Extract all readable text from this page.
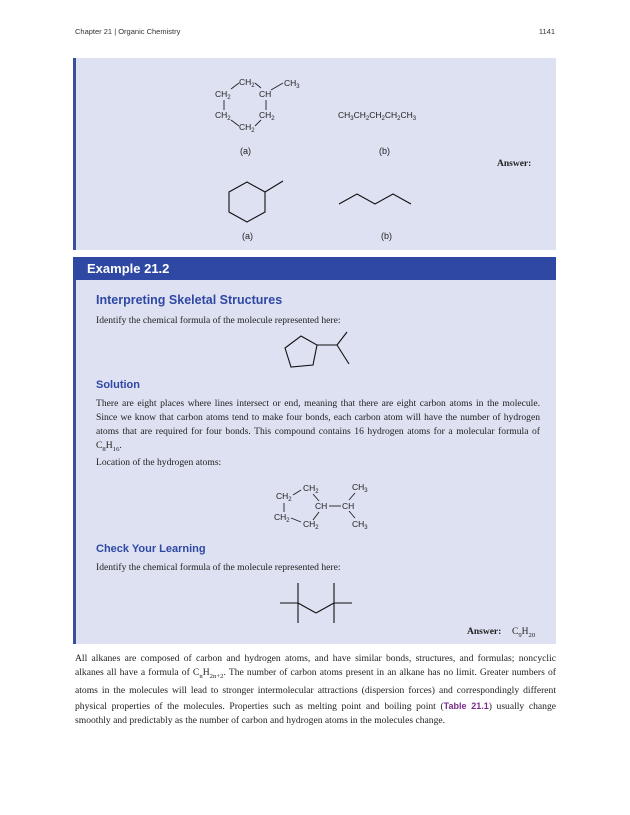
Chapter 21 | Organic Chemistry	1141
$CH_2$
$CH_2$	CH
$CH_3$
$CH_2$	$CH_2$
$CH_2$
(a)
$CH_3CH_2CH_2CH_2CH_3$
(b)
Answer:
(a)	(b)
Example 21.2
Interpreting Skeletal Structures
Identify the chemical formula of the molecule represented here:
Solution
There are eight places where lines intersect or end, meaning that there are eight carbon atoms in the molecule. Since we know that carbon atoms tend to make four bonds, each carbon atom will have the number of hydrogen atoms that are required for four bonds. This compound contains 16 hydrogen atoms for a molecular formula of $C_8H_{16}$.
Location of the hydrogen atoms:
$CH_2$
$CH_2$
CH CH
$CH_3$
$CH_2$ $CH_2$	$CH_3$
Check Your Learning
Identify the chemical formula of the molecule represented here:
Answer: $C_9H_{20}$
All alkanes are composed of carbon and hydrogen atoms, and have similar bonds, structures, and formulas; noncyclic alkanes all have a formula of $C_nH_{2n+2}$. The number of carbon atoms present in an alkane has no limit. Greater numbers of atoms in the molecules will lead to stronger intermolecular attractions (dispersion forces) and correspondingly different physical properties of the molecules. Properties such as melting point and boiling point (Table 21.1) usually change smoothly and predictably as the number of carbon and hydrogen atoms in the molecules change.
